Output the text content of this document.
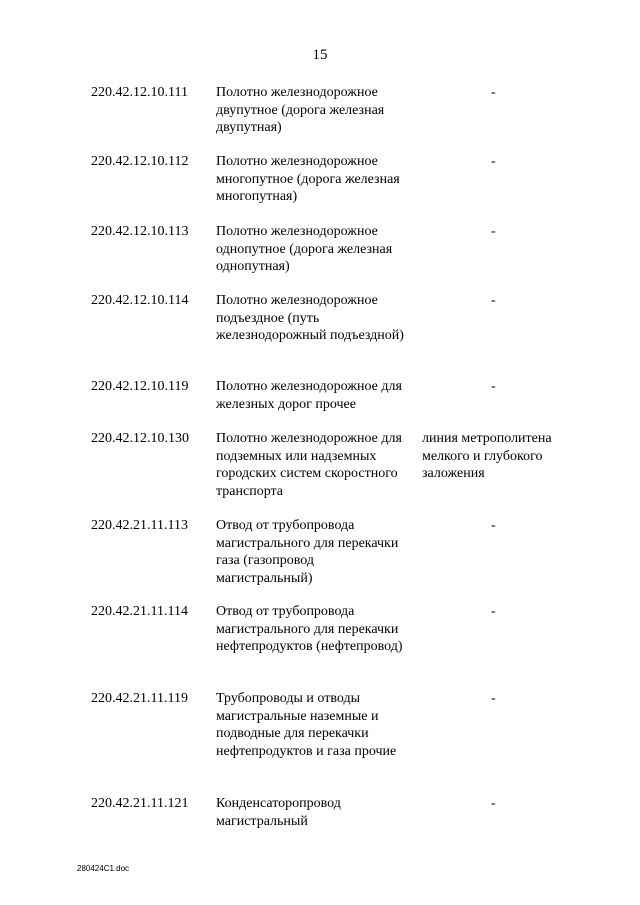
15
220.42.12.10.111 Полотно железнодорожное двупутное (дорога железная двупутная)
-
220.42.12.10.112 Полотно железнодорожное многопутное (дорога железная многопутная)
-
220.42.12.10.113 Полотно железнодорожное однопутное (дорога железная однопутная)
-
220.42.12.10.114 Полотно железнодорожное подъездное (путь железнодорожный подъездной)
-
220.42.12.10.119 Полотно железнодорожное для железных дорог прочее
-
220.42.12.10.130 Полотно железнодорожное для подземных или надземных городских систем скоростного транспорта
линия метрополитена мелкого и глубокого заложения
220.42.21.11.113 Отвод от трубопровода магистрального для перекачки газа (газопровод магистральный)
-
220.42.21.11.114 Отвод от трубопровода магистрального для перекачки нефтепродуктов (нефтепровод)
-
220.42.21.11.119 Трубопроводы и отводы магистральные наземные и подводные для перекачки нефтепродуктов и газа прочие
-
220.42.21.11.121 Конденсаторопровод магистральный
-
280424C1.doc
